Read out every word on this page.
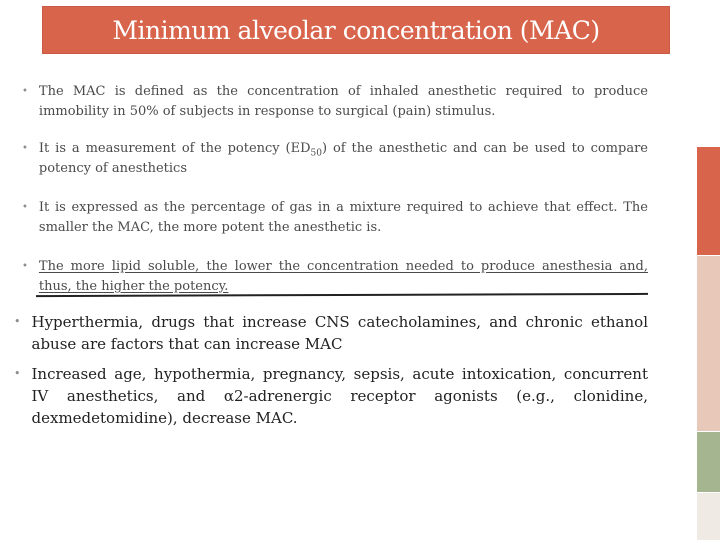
Minimum alveolar concentration (MAC)
• The MAC is defined as the concentration of inhaled anesthetic required to produce immobility in 50% of subjects in response to surgical (pain) stimulus.
• It is a measurement of the potency $(ED_{50})$ of the anesthetic and can be used to compare potency of anesthetics
• It is expressed as the percentage of gas in a mixture required to achieve that effect. The smaller the MAC, the more potent the anesthetic is.
• The more lipid soluble, the lower the concentration needed to produce anesthesia and, thus, the higher the potency.
• Hyperthermia, drugs that increase CNS catecholamines, and chronic ethanol abuse are factors that can increase MAC
• Increased age, hypothermia, pregnancy, sepsis, acute intoxication, concurrent IV anesthetics, and α2-adrenergic receptor agonists (e.g., clonidine, dexmedetomidine), decrease MAC.
